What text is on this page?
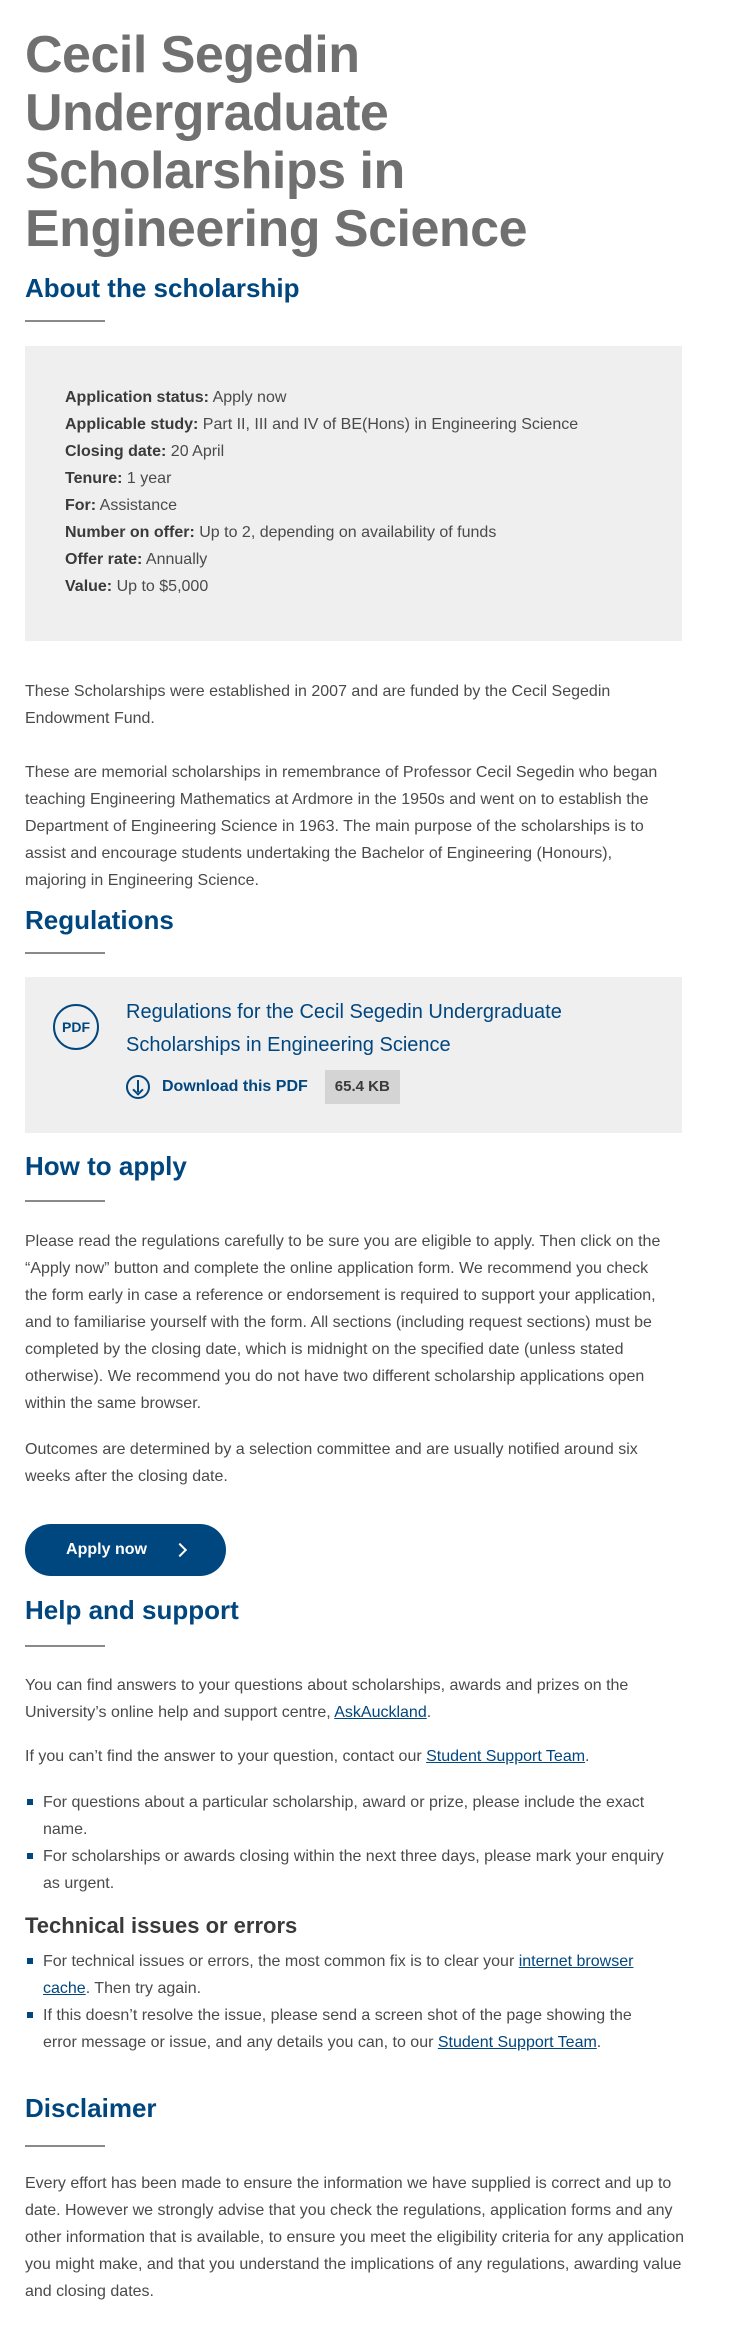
Cecil Segedin Undergraduate Scholarships in Engineering Science
About the scholarship
Application status: Apply now
Applicable study: Part II, III and IV of BE(Hons) in Engineering Science
Closing date: 20 April
Tenure: 1 year
For: Assistance
Number on offer: Up to 2, depending on availability of funds
Offer rate: Annually
Value: Up to $5,000

These Scholarships were established in 2007 and are funded by the Cecil Segedin Endowment Fund.

These are memorial scholarships in remembrance of Professor Cecil Segedin who began teaching Engineering Mathematics at Ardmore in the 1950s and went on to establish the Department of Engineering Science in 1963. The main purpose of the scholarships is to assist and encourage students undertaking the Bachelor of Engineering (Honours), majoring in Engineering Science.

Regulations
PDF
Regulations for the Cecil Segedin Undergraduate Scholarships in Engineering Science
Download this PDF	65.4 KB
How to apply

Please read the regulations carefully to be sure you are eligible to apply. Then click on the “Apply now” button and complete the online application form. We recommend you check the form early in case a reference or endorsement is required to support your application, and to familiarise yourself with the form. All sections (including request sections) must be completed by the closing date, which is midnight on the specified date (unless stated otherwise). We recommend you do not have two different scholarship applications open within the same browser.

Outcomes are determined by a selection committee and are usually notified around six weeks after the closing date.

Apply now
Help and support

You can find answers to your questions about scholarships, awards and prizes on the University’s online help and support centre, AskAuckland.

If you can’t find the answer to your question, contact our Student Support Team.

For questions about a particular scholarship, award or prize, please include the exact name.
For scholarships or awards closing within the next three days, please mark your enquiry as urgent.
Technical issues or errors
For technical issues or errors, the most common fix is to clear your internet browser cache. Then try again.
If this doesn’t resolve the issue, please send a screen shot of the page showing the error message or issue, and any details you can, to our Student Support Team.
Disclaimer

Every effort has been made to ensure the information we have supplied is correct and up to date. However we strongly advise that you check the regulations, application forms and any other information that is available, to ensure you meet the eligibility criteria for any application you might make, and that you understand the implications of any regulations, awarding value and closing dates.
